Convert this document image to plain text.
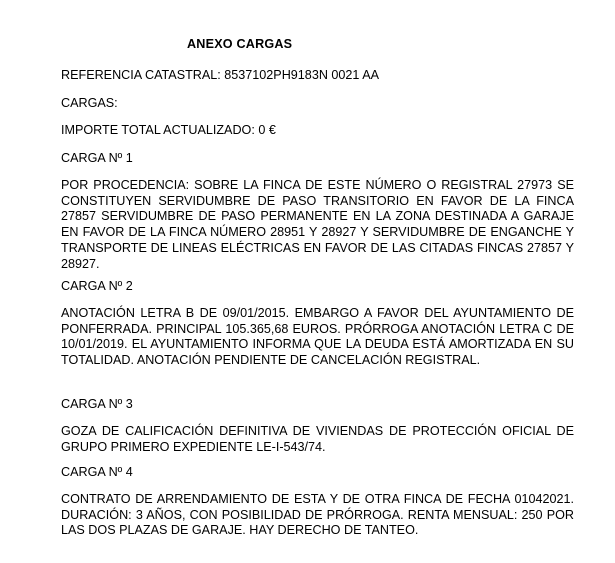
ANEXO CARGAS
REFERENCIA CATASTRAL: 8537102PH9183N 0021 AA
CARGAS:
IMPORTE TOTAL ACTUALIZADO: 0 €
CARGA Nº 1
POR PROCEDENCIA: SOBRE LA FINCA DE ESTE NÚMERO O REGISTRAL 27973 SE CONSTITUYEN SERVIDUMBRE DE PASO TRANSITORIO EN FAVOR DE LA FINCA 27857 SERVIDUMBRE DE PASO PERMANENTE EN LA ZONA DESTINADA A GARAJE EN FAVOR DE LA FINCA NÚMERO 28951 Y 28927 Y SERVIDUMBRE DE ENGANCHE Y TRANSPORTE DE LINEAS ELÉCTRICAS EN FAVOR DE LAS CITADAS FINCAS 27857 Y 28927.
CARGA Nº 2
ANOTACIÓN LETRA B DE 09/01/2015. EMBARGO A FAVOR DEL AYUNTAMIENTO DE PONFERRADA. PRINCIPAL 105.365,68 EUROS. PRÓRROGA ANOTACIÓN LETRA C DE 10/01/2019. EL AYUNTAMIENTO INFORMA QUE LA DEUDA ESTÁ AMORTIZADA EN SU TOTALIDAD. ANOTACIÓN PENDIENTE DE CANCELACIÓN REGISTRAL.
CARGA Nº 3
GOZA DE CALIFICACIÓN DEFINITIVA DE VIVIENDAS DE PROTECCIÓN OFICIAL DE GRUPO PRIMERO EXPEDIENTE LE-I-543/74.
CARGA Nº 4
CONTRATO DE ARRENDAMIENTO DE ESTA Y DE OTRA FINCA DE FECHA 01042021. DURACIÓN: 3 AÑOS, CON POSIBILIDAD DE PRÓRROGA. RENTA MENSUAL: 250 POR LAS DOS PLAZAS DE GARAJE. HAY DERECHO DE TANTEO.
